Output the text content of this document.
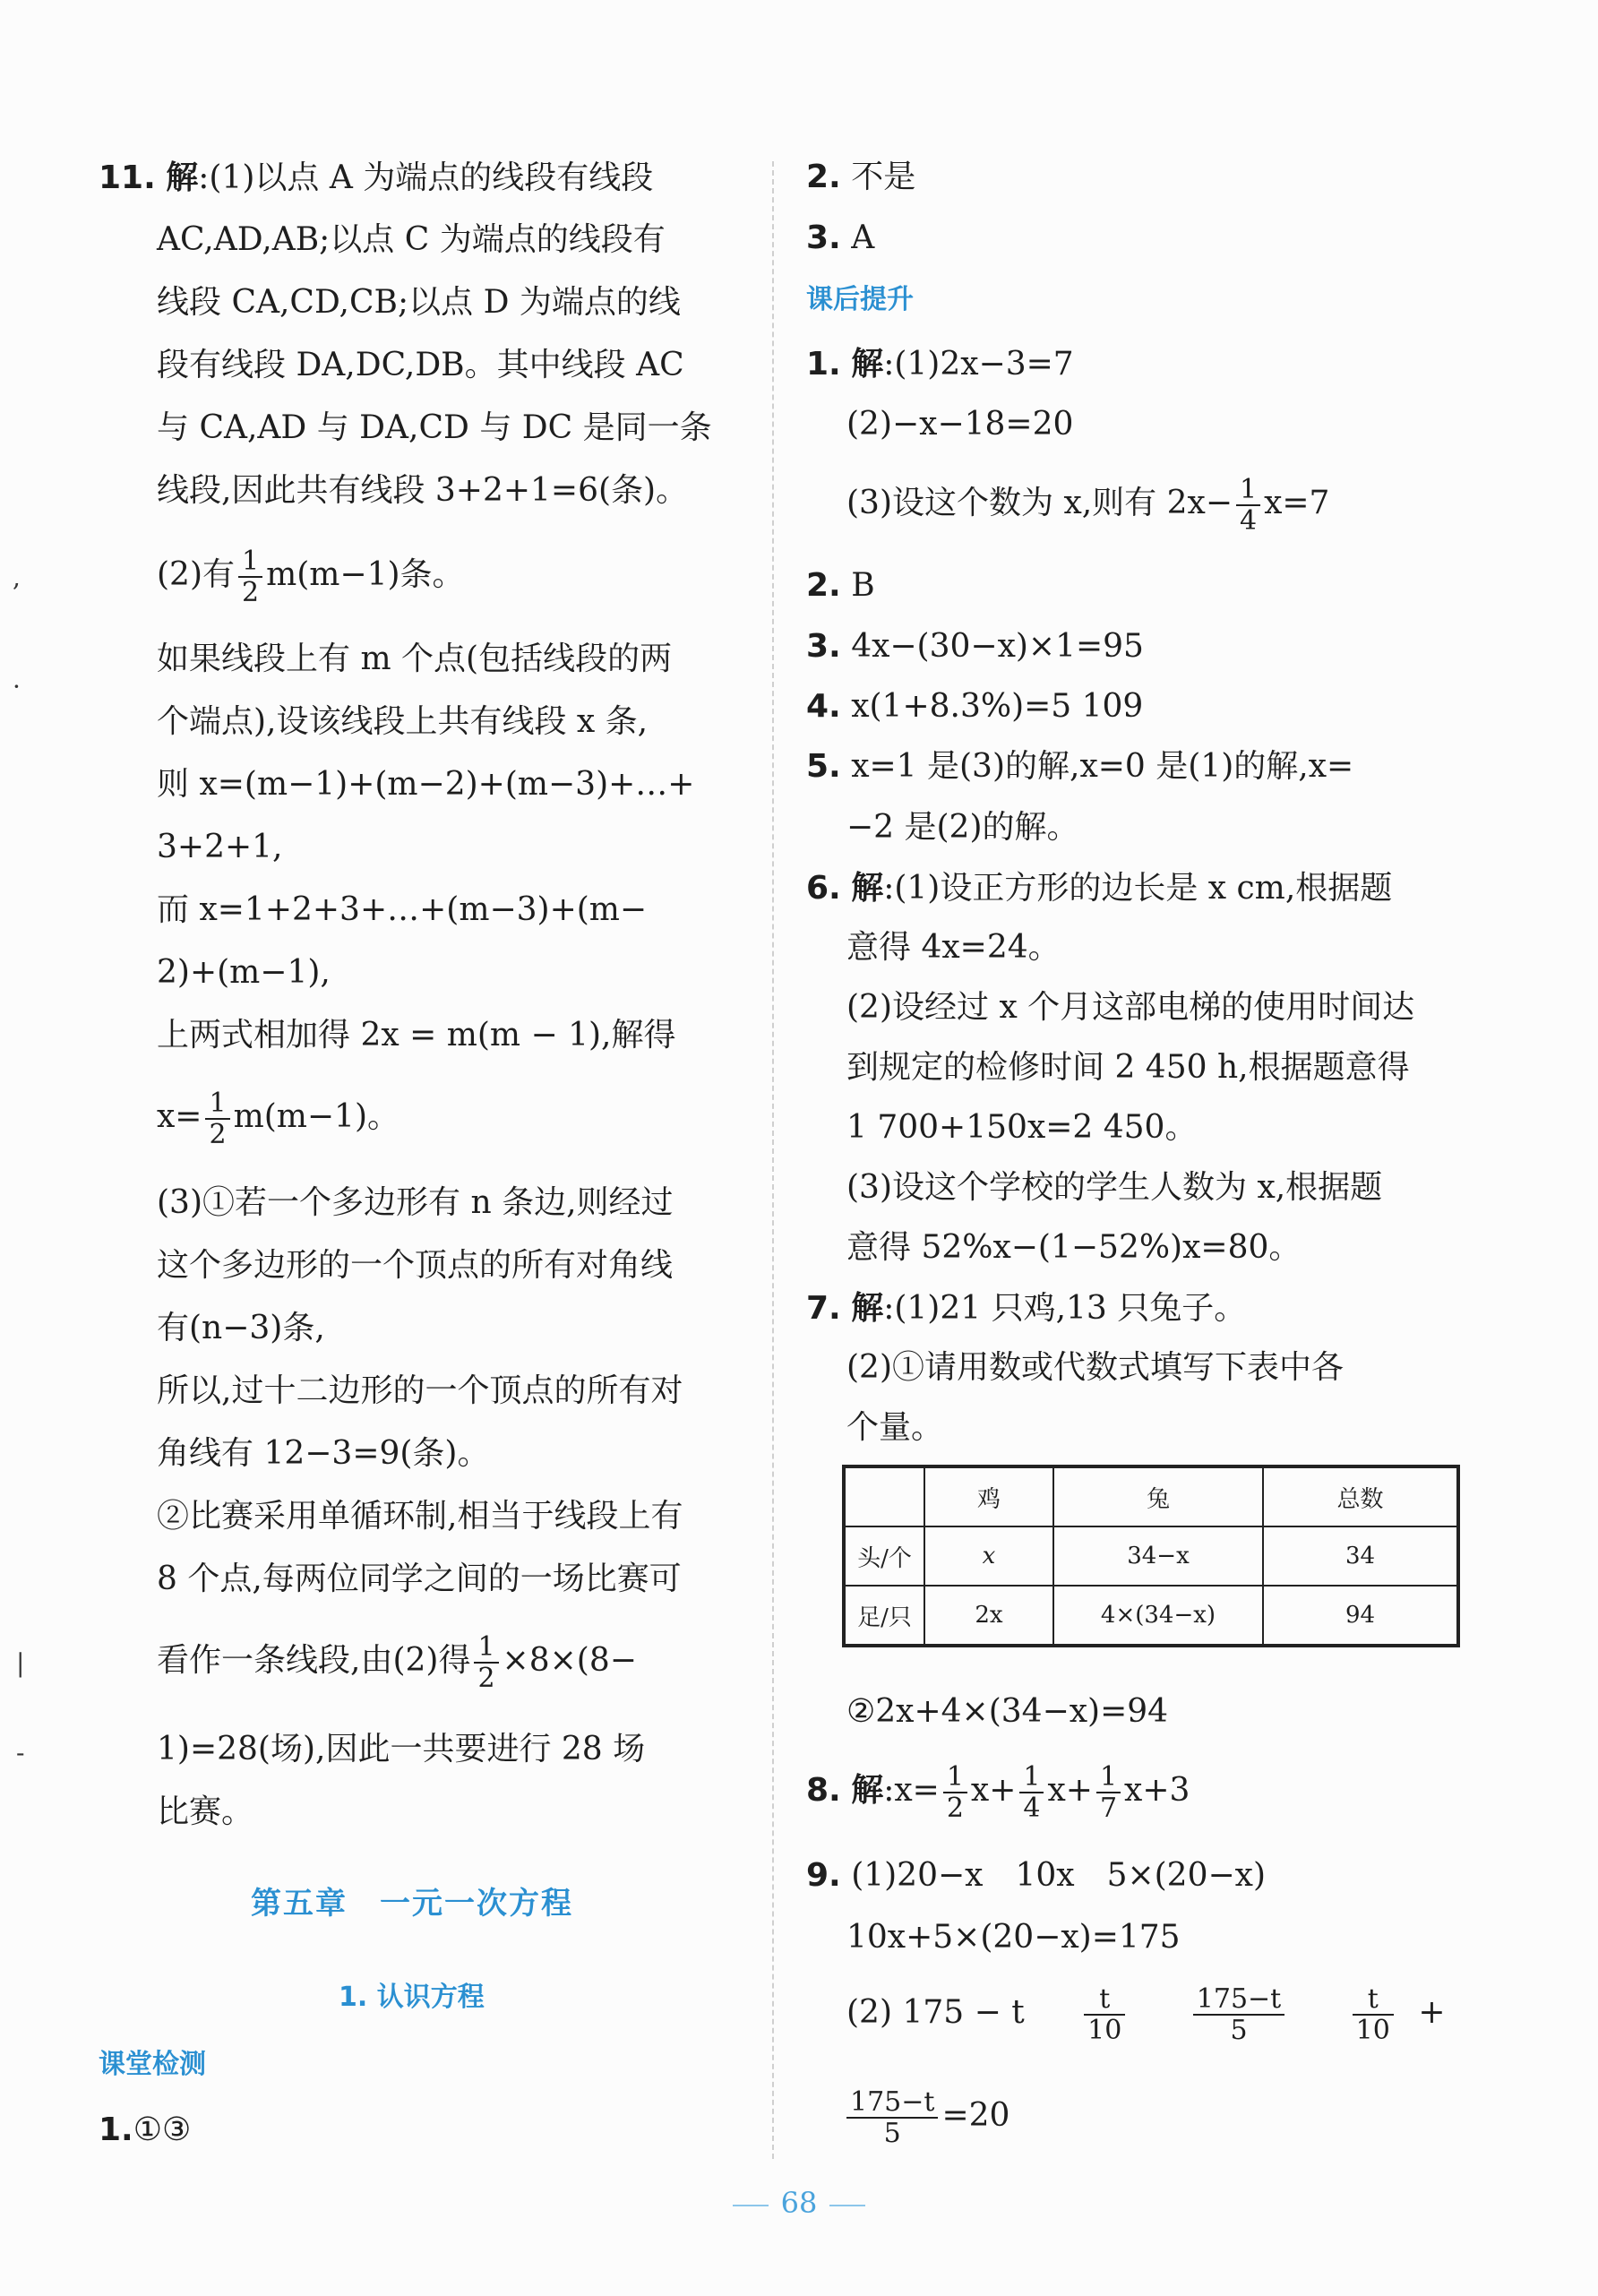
11. 解:(1)以点 A 为端点的线段有线段
AC,AD,AB;以点 C 为端点的线段有
线段 CA,CD,CB;以点 D 为端点的线
段有线段 DA,DC,DB。其中线段 AC
与 CA,AD 与 DA,CD 与 DC 是同一条
线段,因此共有线段 3+2+1=6(条)。
(2)有 $\frac{1}{2} m(m-1)$条。
如果线段上有 m 个点(包括线段的两
个端点),设该线段上共有线段 x 条,
则 x=(m−1)+(m−2)+(m−3)+…+
3+2+1,
而 x=1+2+3+…+(m−3)+(m−
2)+(m−1),
上两式相加得 2x = m(m − 1),解得
$x= \frac{1}{2} m(m-1)$。
(3)①若一个多边形有 n 条边,则经过
这个多边形的一个顶点的所有对角线
有(n−3)条,
所以,过十二边形的一个顶点的所有对
角线有 12−3=9(条)。
②比赛采用单循环制,相当于线段上有
8 个点,每两位同学之间的一场比赛可
看作一条线段,由(2)得 $\frac{1}{2} \times 8\times(8-$
1)=28(场),因此一共要进行 28 场
比赛。
第五章　一元一次方程
1. 认识方程
课堂检测
1.①③
2. 不是
3. A
课后提升
1. 解:(1)2x−3=7
(2)−x−18=20
(3)设这个数为 x,则有 $2x- \frac{1}{4} x=7$
2. B
3. 4x−(30−x)×1=95
4. x(1+8.3%)=5 109
5. x=1 是(3)的解,x=0 是(1)的解,x=
−2 是(2)的解。
6. 解:(1)设正方形的边长是 x cm,根据题
意得 4x=24。
(2)设经过 x 个月这部电梯的使用时间达
到规定的检修时间 2 450 h,根据题意得
1 700+150x=2 450。
(3)设这个学校的学生人数为 x,根据题
意得 52%x−(1−52%)x=80。
7. 解:(1)21 只鸡,13 只兔子。
(2)①请用数或代数式填写下表中各
个量。
	鸡	兔	总数
头/个	x	34−x	34
足/只	2x	4×(34−x)	94
②2x+4×(34−x)=94
8. 解:x= $\frac{1}{2} x+ \frac{1}{4} x+ \frac{1}{7} x+3$
9. (1)20−x　10x　5×(20−x)
10x+5×(20−x)=175
(2) 175 − t $\frac{t}{10}$
	$\frac{175-t}{5}$
	$\frac{t}{10}$ +
$\frac{175-t}{5} =20$
,
·
|
-
68
